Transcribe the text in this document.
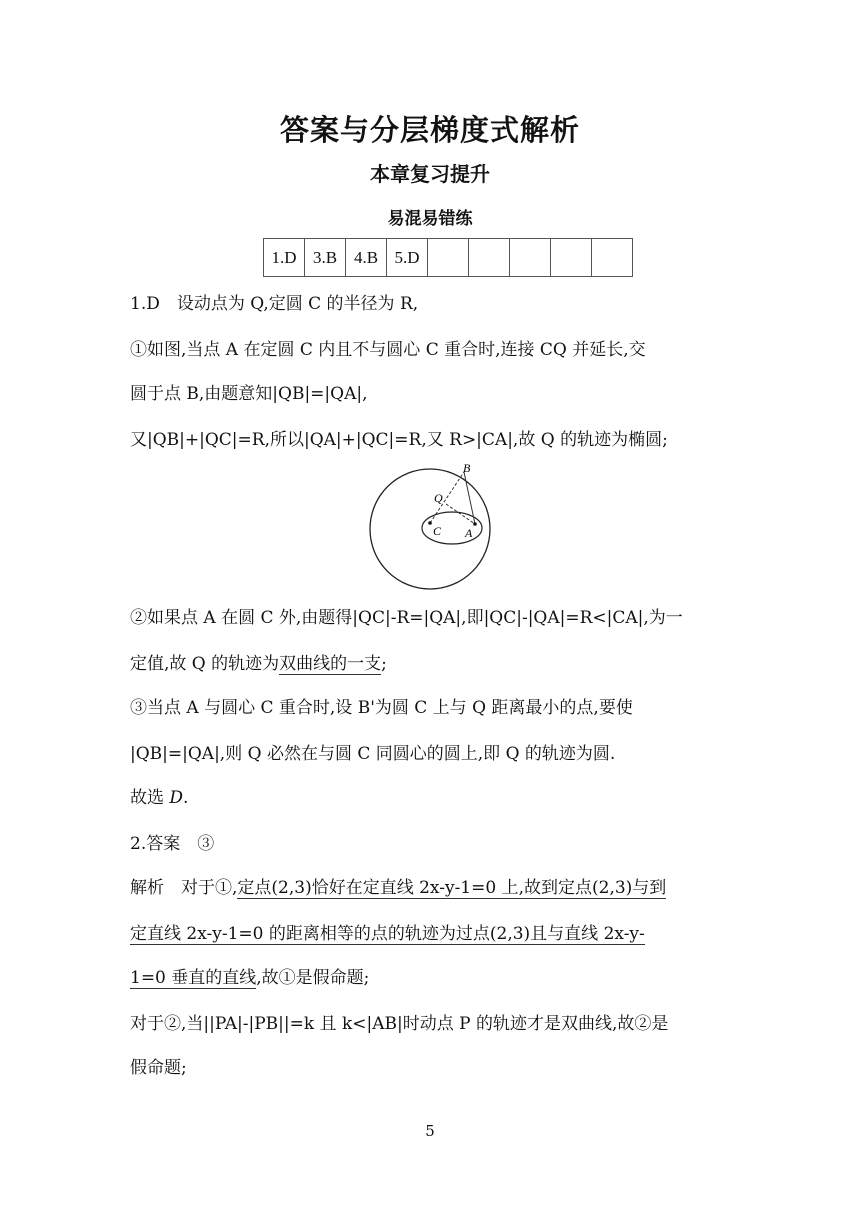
答案与分层梯度式解析
本章复习提升
易混易错练
1.D	3.B	4.B	5.D					
1.D　设动点为 Q,定圆 C 的半径为 R,
①如图,当点 A 在定圆 C 内且不与圆心 C 重合时,连接 CQ 并延长,交
圆于点 B,由题意知|QB|=|QA|,
又|QB|+|QC|=R,所以|QA|+|QC|=R,又 R>|CA|,故 Q 的轨迹为椭圆;
B
Q
C A
②如果点 A 在圆 C 外,由题得|QC|-R=|QA|,即|QC|-|QA|=R<|CA|,为一
定值,故 Q 的轨迹为双曲线的一支;
③当点 A 与圆心 C 重合时,设 B'为圆 C 上与 Q 距离最小的点,要使
|QB|=|QA|,则 Q 必然在与圆 C 同圆心的圆上,即 Q 的轨迹为圆.
故选 D.
2.答案　③
解析　对于①,定点(2,3)恰好在定直线 2x-y-1=0 上,故到定点(2,3)与到
定直线 2x-y-1=0 的距离相等的点的轨迹为过点(2,3)且与直线 2x-y-
1=0 垂直的直线,故①是假命题;
对于②,当||PA|-|PB||=k 且 k<|AB|时动点 P 的轨迹才是双曲线,故②是
假命题;
5
